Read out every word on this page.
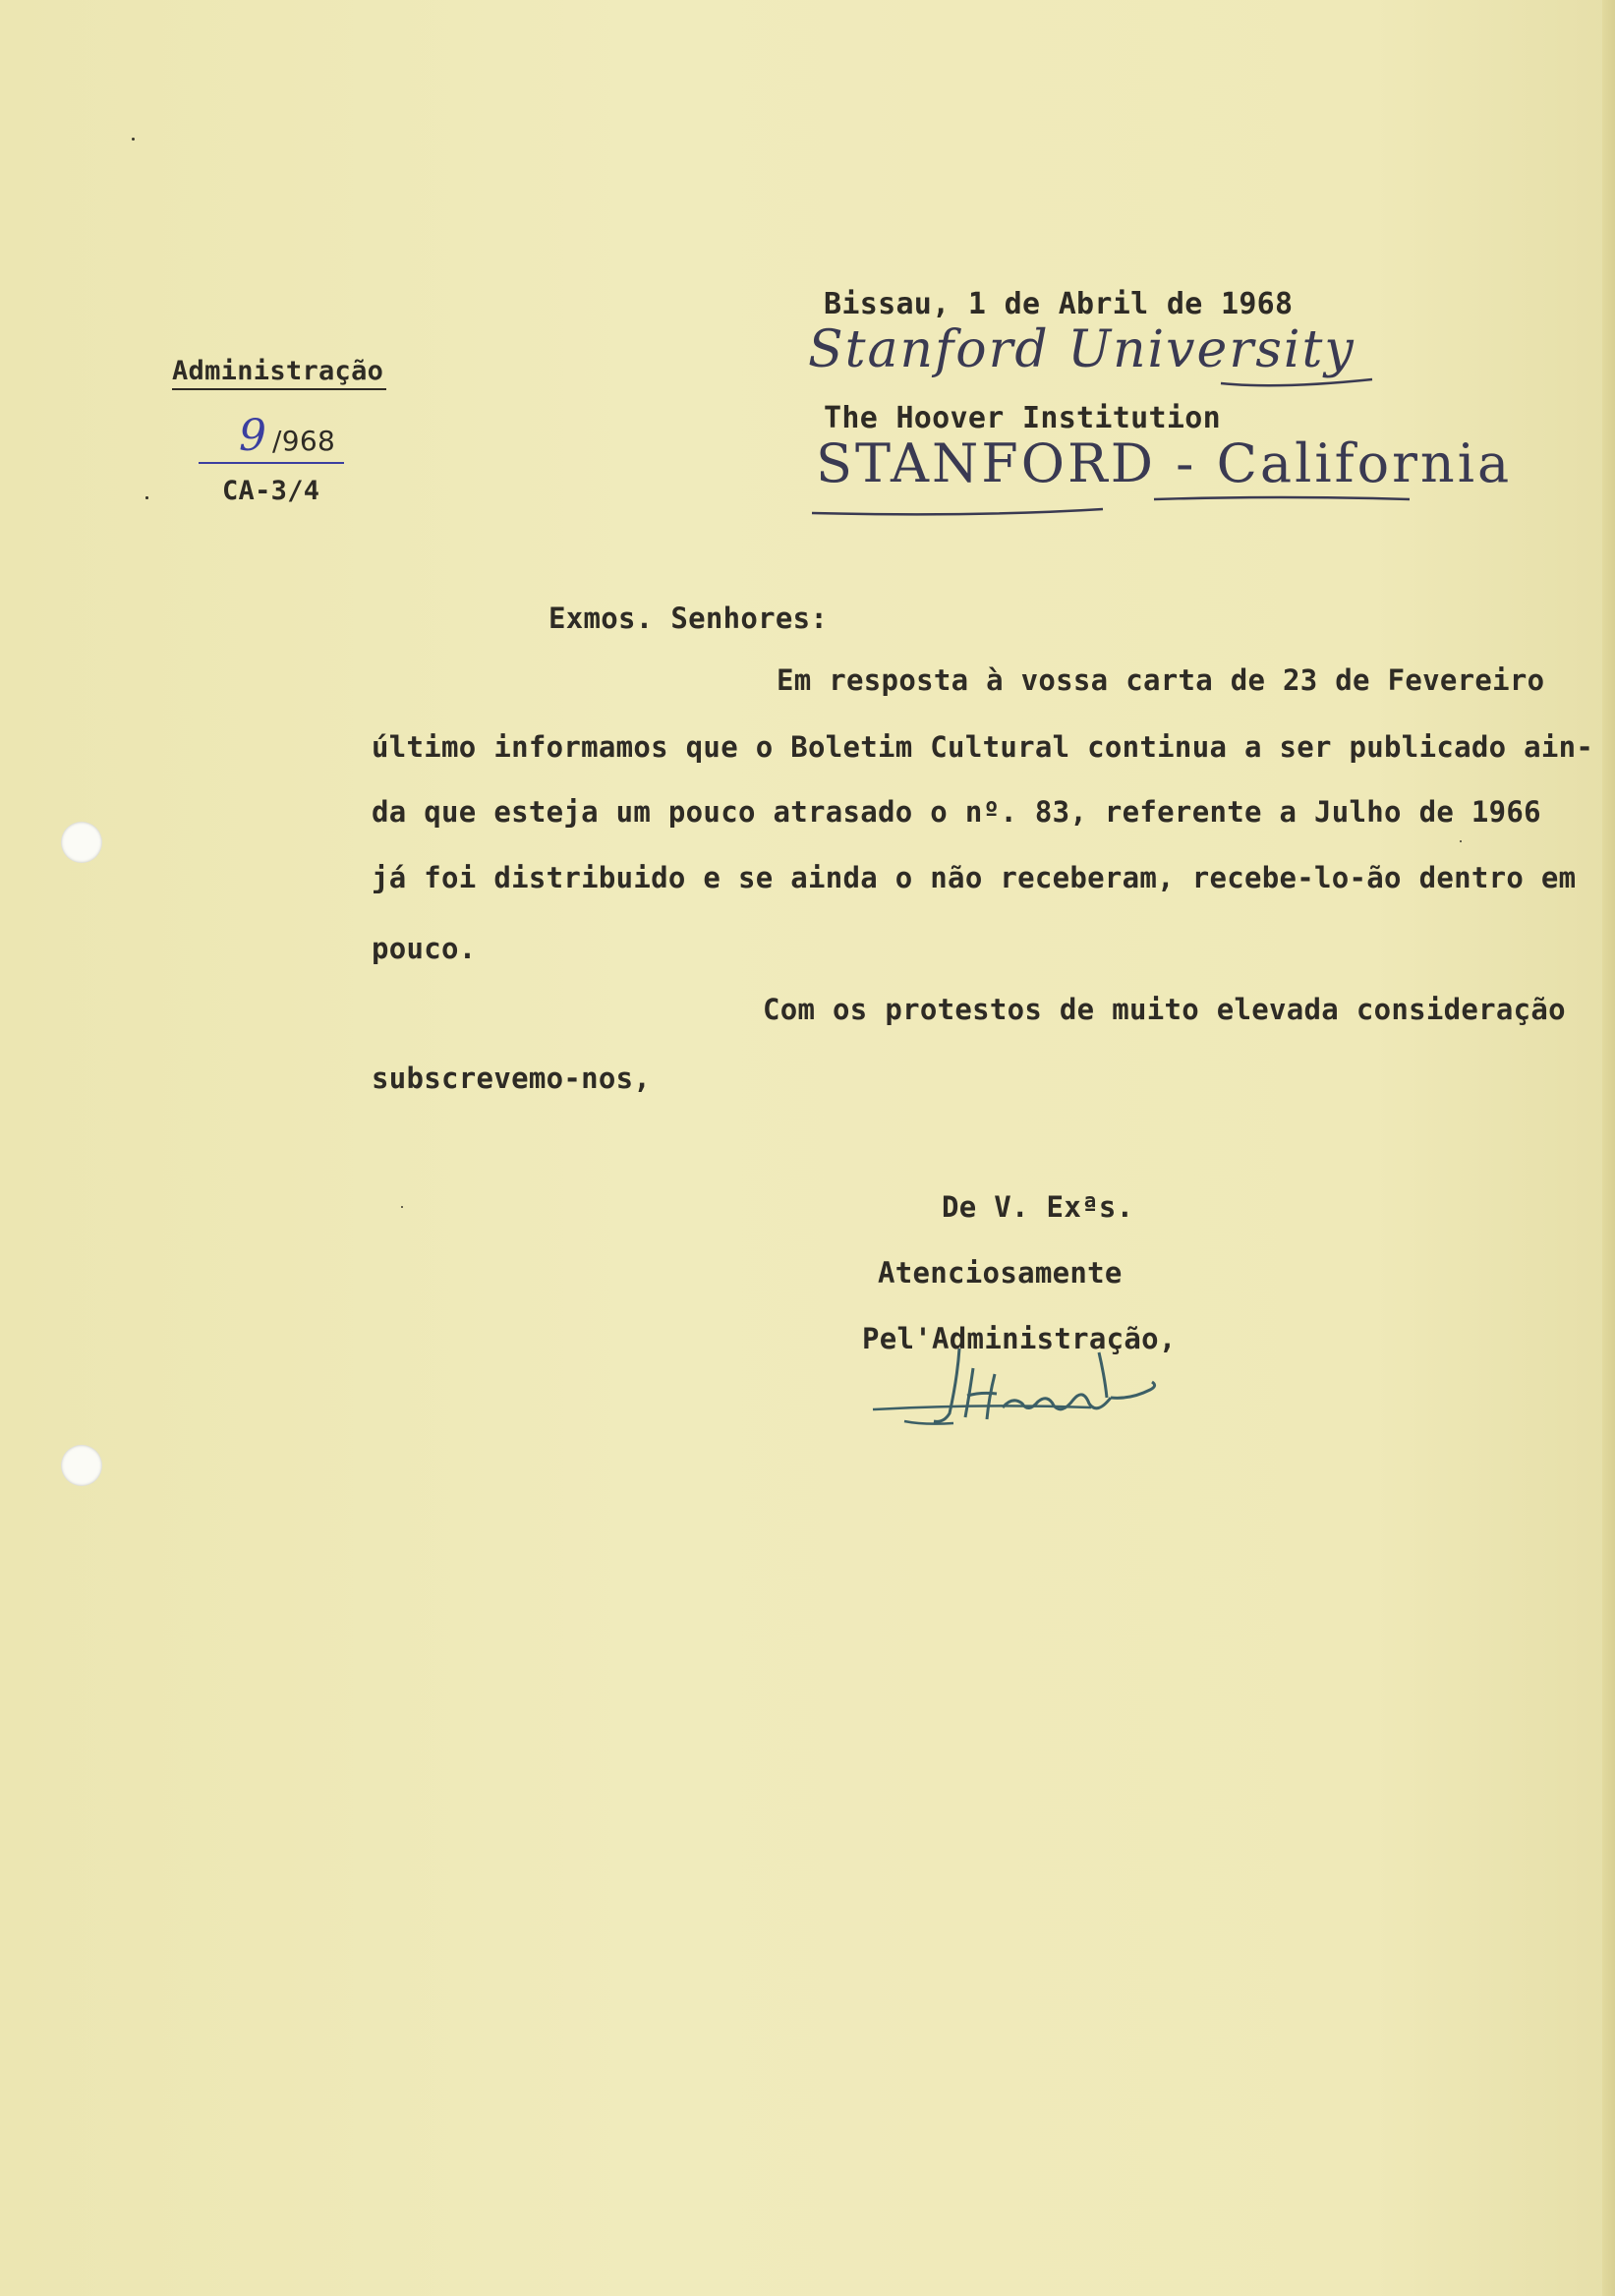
Administração
9 /968
CA-3/4
Bissau, 1 de Abril de 1968
Stanford University
The Hoover Institution
STANFORD - California
Exmos. Senhores:
Em resposta à vossa carta de 23 de Fevereiro
último informamos que o Boletim Cultural continua a ser publicado ain-
da que esteja um pouco atrasado o nº. 83, referente a Julho de 1966
já foi distribuido e se ainda o não receberam, recebe-lo-ão dentro em
pouco.
Com os protestos de muito elevada consideração
subscrevemo-nos,
De V. Exªs.
Atenciosamente
Pel'Administração,
